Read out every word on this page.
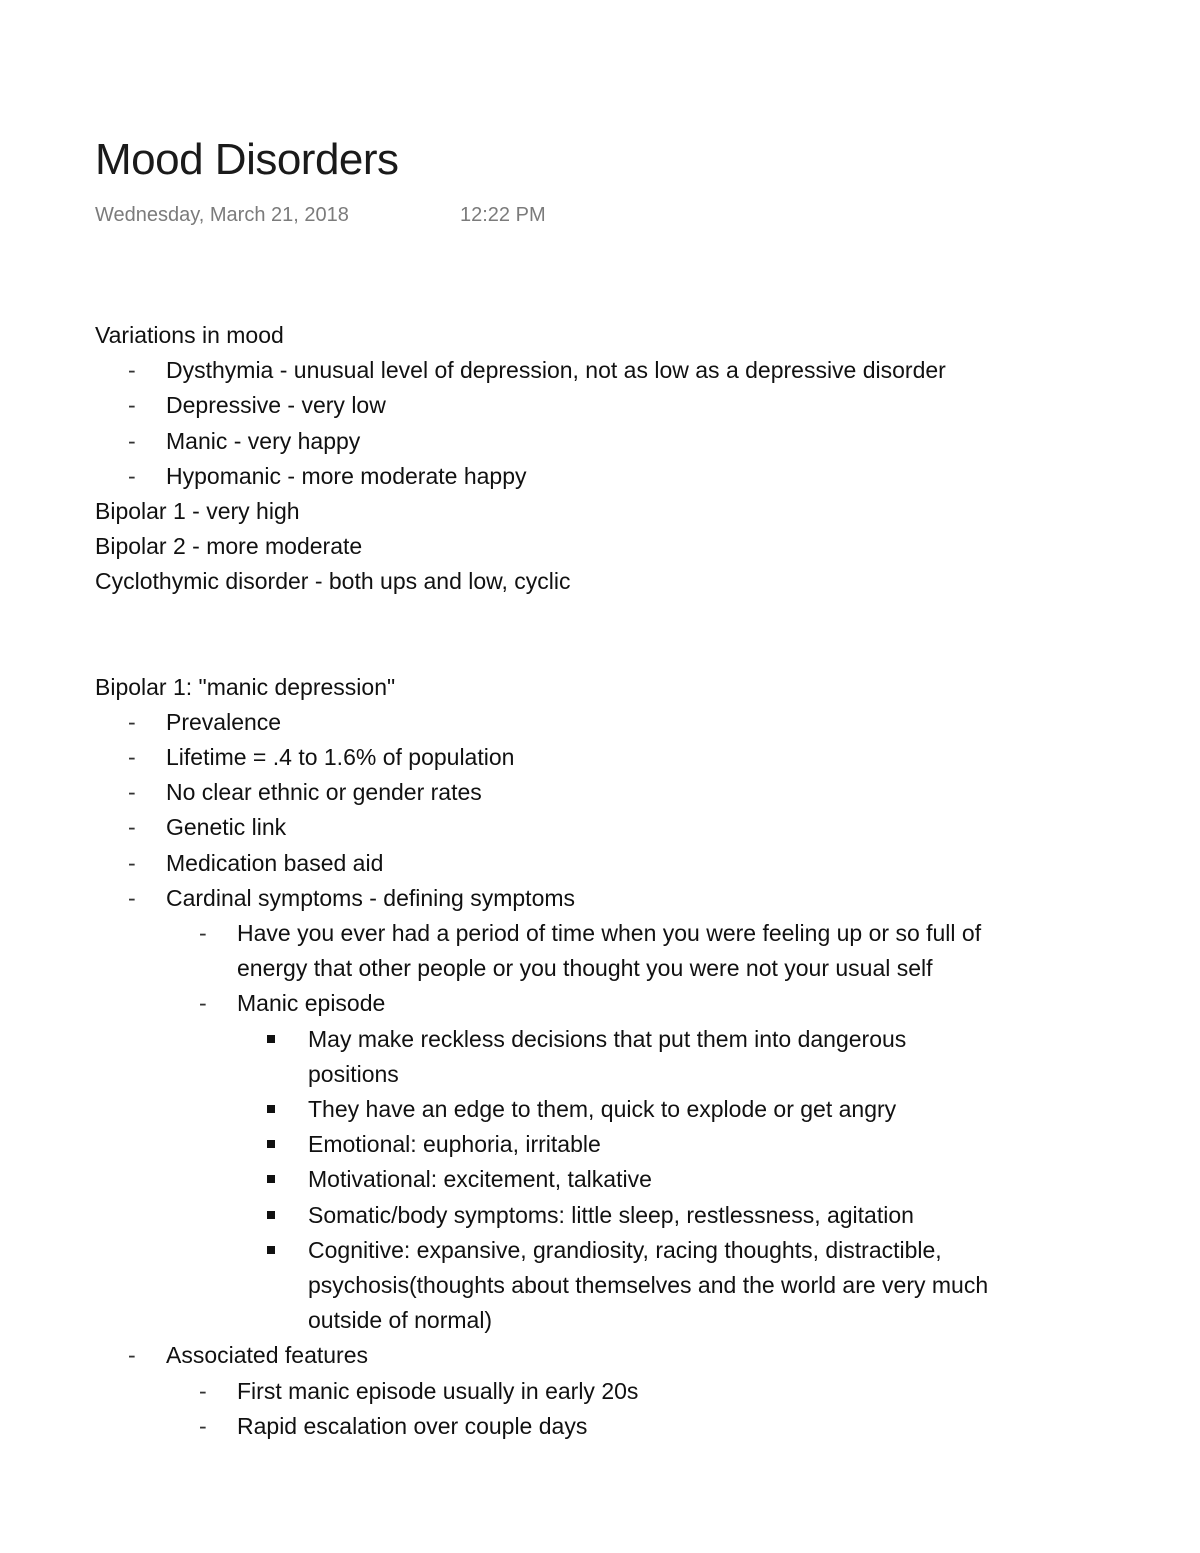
Mood Disorders
Wednesday, March 21, 2018	12:22 PM
Variations in mood
-	Dysthymia - unusual level of depression, not as low as a depressive disorder
-	Depressive - very low
-	Manic - very happy
-	Hypomanic - more moderate happy
Bipolar 1 - very high
Bipolar 2 - more moderate
Cyclothymic disorder - both ups and low, cyclic
Bipolar 1: "manic depression"
-	Prevalence
-	Lifetime = .4 to 1.6% of population
-	No clear ethnic or gender rates
-	Genetic link
-	Medication based aid
-	Cardinal symptoms - defining symptoms
-	Have you ever had a period of time when you were feeling up or so full of
energy that other people or you thought you were not your usual self
-	Manic episode
May make reckless decisions that put them into dangerous
positions
They have an edge to them, quick to explode or get angry
Emotional: euphoria, irritable
Motivational: excitement, talkative
Somatic/body symptoms: little sleep, restlessness, agitation
Cognitive: expansive, grandiosity, racing thoughts, distractible,
psychosis(thoughts about themselves and the world are very much
outside of normal)
-	Associated features
-	First manic episode usually in early 20s
-	Rapid escalation over couple days
